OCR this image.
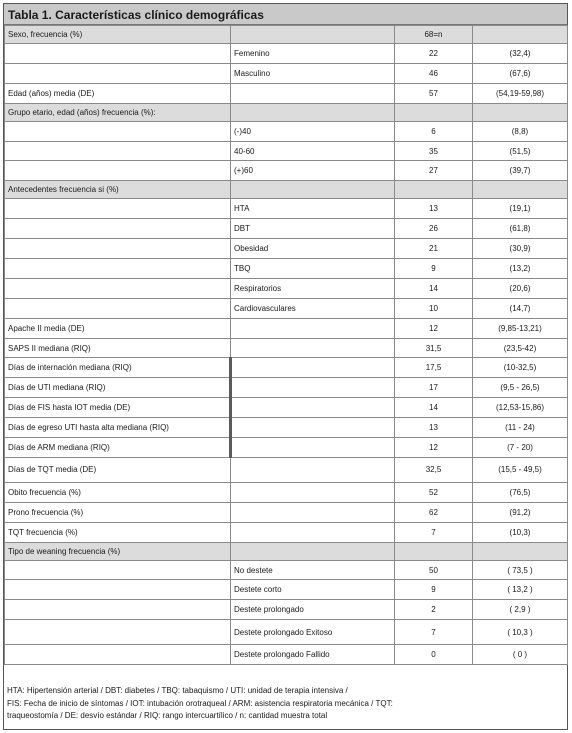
Tabla 1. Características clínico demográficas
Sexo, frecuencia (%)		68=n	
	Femenino	22	(32,4)
	Masculino	46	(67,6)
Edad (años) media (DE)		57	(54,19-59,98)
Grupo etario, edad (años) frecuencia (%):			
	(-)40	6	(8,8)
	40-60	35	(51,5)
	(+)60	27	(39,7)
Antecedentes frecuencia si (%)			
	HTA	13	(19,1)
	DBT	26	(61,8)
	Obesidad	21	(30,9)
	TBQ	9	(13,2)
	Respiratorios	14	(20,6)
	Cardiovasculares	10	(14,7)
Apache II media (DE)		12	(9,85-13,21)
SAPS II mediana (RIQ)		31,5	(23,5-42)
Días de internación mediana (RIQ)		17,5	(10-32,5)
Días de UTI mediana (RIQ)		17	(9,5 - 26,5)
Días de FIS hasta IOT media (DE)		14	(12,53-15,86)
Días de egreso UTI hasta alta mediana (RIQ)		13	(11 - 24)
Días de ARM mediana (RIQ)		12	(7 - 20)
Días de TQT media (DE)		32,5	(15,5 - 49,5)
Obito frecuencia (%)		52	(76,5)
Prono frecuencia (%)		62	(91,2)
TQT frecuencia (%)		7	(10,3)
Tipo de weaning frecuencia (%)			
	No destete	50	( 73,5 )
	Destete corto	9	( 13,2 )
	Destete prolongado	2	( 2,9 )
	Destete prolongado Exitoso	7	( 10,3 )
	Destete prolongado Fallido	0	( 0 )
HTA: Hipertensión arterial / DBT: diabetes / TBQ: tabaquismo / UTI: unidad de terapia intensiva /
FIS: Fecha de inicio de síntomas / IOT: intubación orotraqueal / ARM: asistencia respiratoria mecánica / TQT:
traqueostomía / DE: desvío estándar / RIQ: rango intercuartílico / n: cantidad muestra total
